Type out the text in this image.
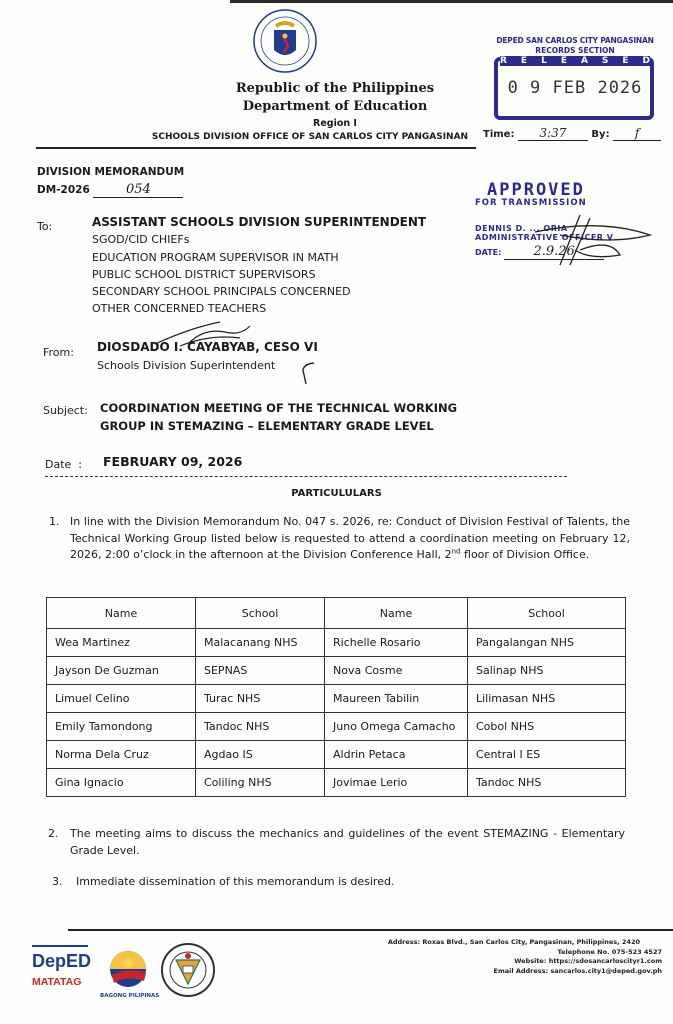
Republic of the Philippines
Department of Education
Region I
SCHOOLS DIVISION OFFICE OF SAN CARLOS CITY PANGASINAN
DEPED SAN CARLOS CITY PANGASINAN
RECORDS SECTION
RELEASED
0 9 FEB 2026
Time: 3:37	By: f
DIVISION MEMORANDUM
DM-2026	054
To:	ASSISTANT SCHOOLS DIVISION SUPERINTENDENT
SGOD/CID CHIEFs
EDUCATION PROGRAM SUPERVISOR IN MATH
PUBLIC SCHOOL DISTRICT SUPERVISORS
SECONDARY SCHOOL PRINCIPALS CONCERNED
OTHER CONCERNED TEACHERS
APPROVED
FOR TRANSMISSION
DENNIS D. ... ORIA
ADMINISTRATIVE OFFICER V
DATE: 2.9.26
From: DIOSDADO I. CAYABYAB, CESO VI
Schools Division Superintendent
Subject: COORDINATION MEETING OF THE TECHNICAL WORKING GROUP IN STEMAZING – ELEMENTARY GRADE LEVEL
Date  : FEBRUARY 09, 2026
PARTICULULARS
1. In line with the Division Memorandum No. 047 s. 2026, re: Conduct of Division Festival of Talents, the Technical Working Group listed below is requested to attend a coordination meeting on February 12, 2026, 2:00 o’clock in the afternoon at the Division Conference Hall, 2nd floor of Division Office.
Name	School	Name	School
Wea Martinez	Malacanang NHS	Richelle Rosario	Pangalangan NHS
Jayson De Guzman	SEPNAS	Nova Cosme	Salinap NHS
Limuel Celino	Turac NHS	Maureen Tabilin	Lilimasan NHS
Emily Tamondong	Tandoc NHS	Juno Omega Camacho	Cobol NHS
Norma Dela Cruz	Agdao IS	Aldrin Petaca	Central I ES
Gina Ignacio	Coliling NHS	Jovimae Lerio	Tandoc NHS
2. The meeting aims to discuss the mechanics and guidelines of the event STEMAZING - Elementary Grade Level.
3. Immediate dissemination of this memorandum is desired.
DepED
MATATAG
BAGONG PILIPINAS
Address: Roxas Blvd., San Carlos City, Pangasinan, Philippines, 2420
Telephone No. 075-523 4527
Website: https://sdosancarloscityr1.com
Email Address: sancarlos.city1@deped.gov.ph
